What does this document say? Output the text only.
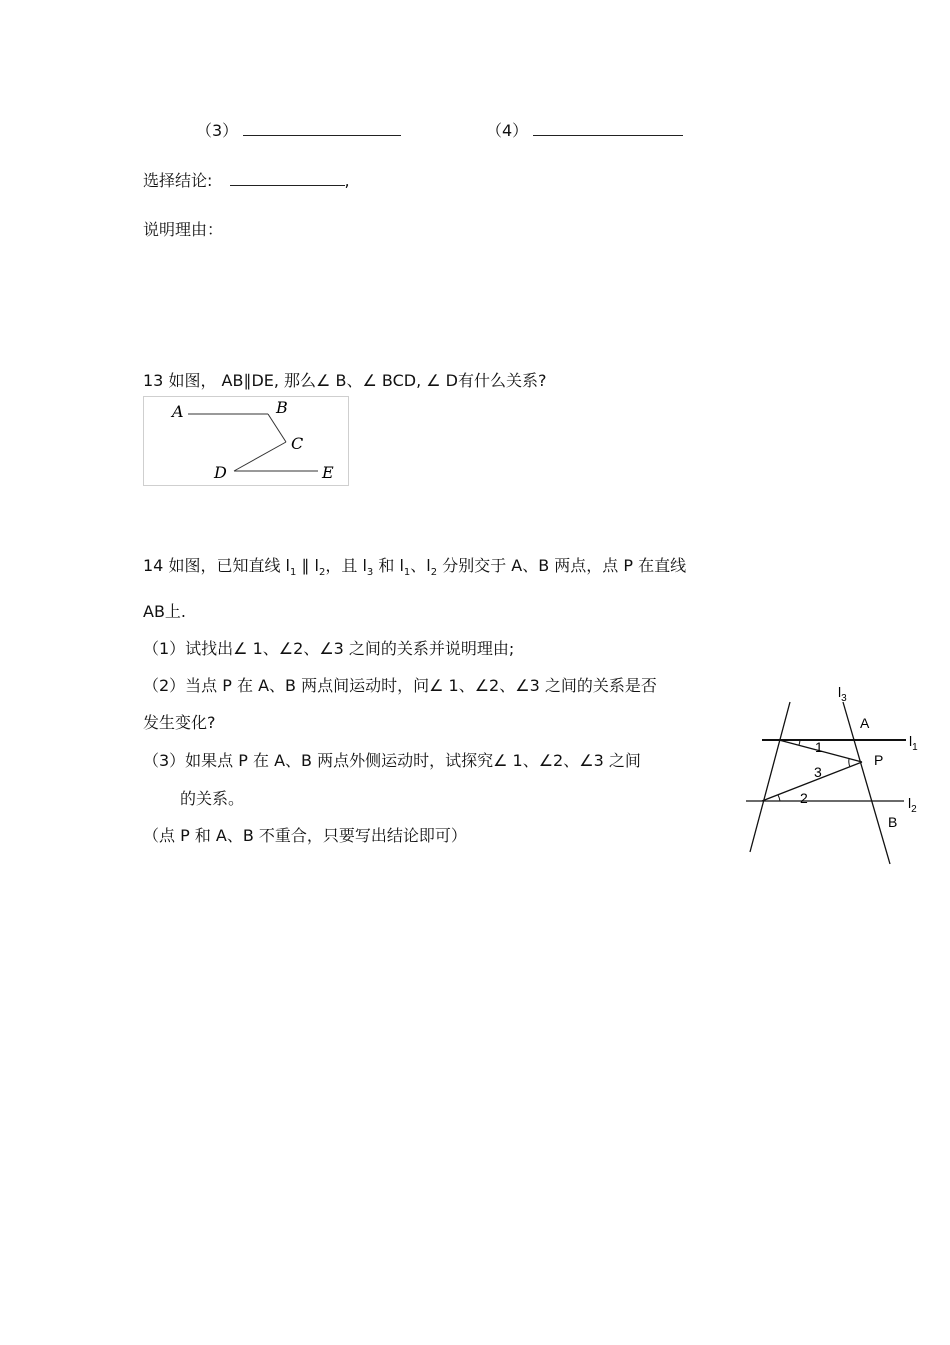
（3）	（4）
选择结论:	,
说明理由：
13 如图， AB∥DE, 那么∠ B、∠ BCD, ∠ D有什么关系?
A	B
C
D	E
14 如图，已知直线 $l_1$ ∥ $l_2$，且 $l_3$ 和 $l_1$、$l_2$ 分别交于 A、B 两点，点 P 在直线
AB上.
（1）试找出∠ 1、∠2、∠3 之间的关系并说明理由;
（2）当点 P 在 A、B 两点间运动时，问∠ 1、∠2、∠3 之间的关系是否
发生变化?
（3）如果点 P 在 A、B 两点外侧运动时，试探究∠ 1、∠2、∠3 之间
的关系。
（点 P 和 A、B 不重合，只要写出结论即可）
$l_3$
$l_1$
$l_2$
A
B
P
1
3
2
